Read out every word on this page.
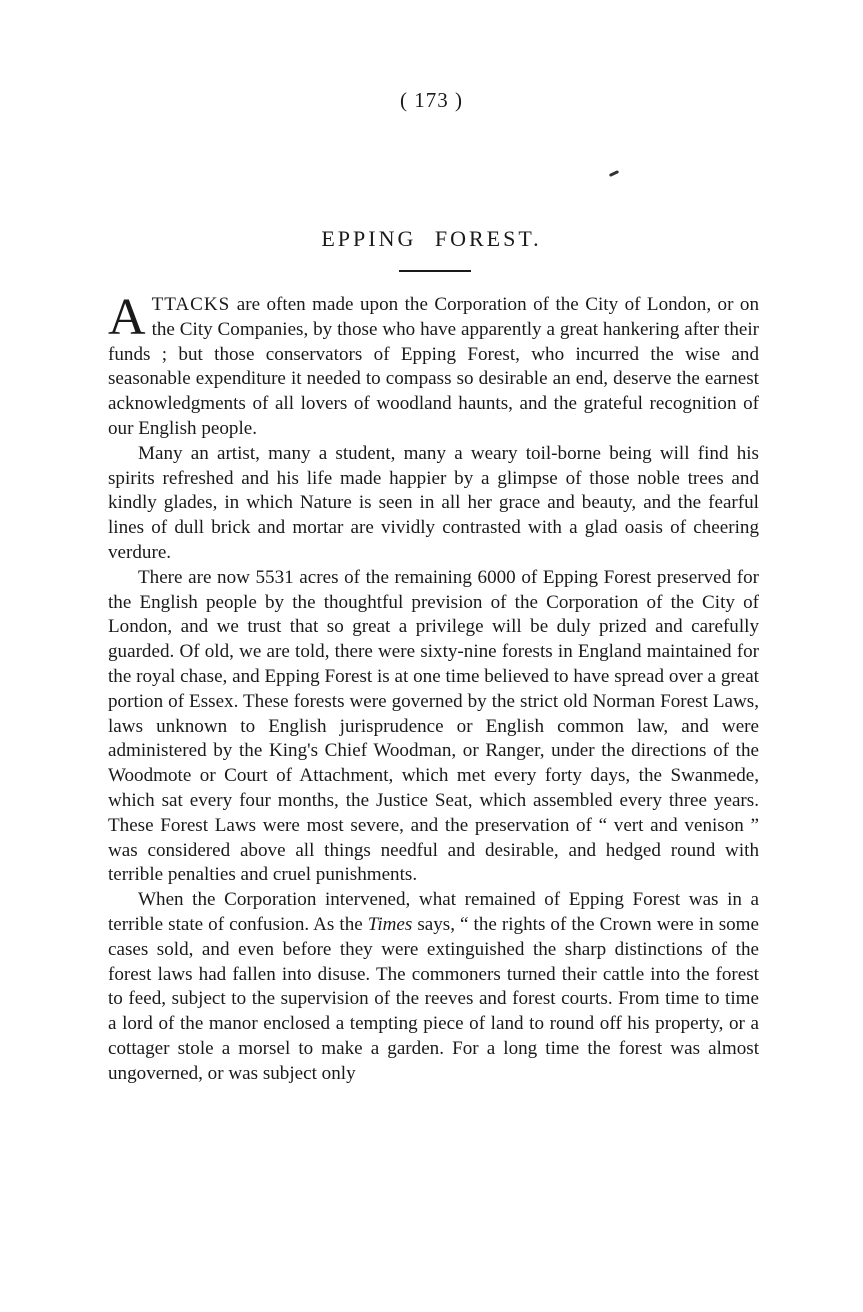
( 173 )
EPPING FOREST.

ATTACKS are often made upon the Corporation of the City of London, or on the City Companies, by those who have apparently a great hankering after their funds ; but those conservators of Epping Forest, who incurred the wise and seasonable expenditure it needed to compass so desirable an end, deserve the earnest acknowledgments of all lovers of woodland haunts, and the grateful recognition of our English people.

Many an artist, many a student, many a weary toil-borne being will find his spirits refreshed and his life made happier by a glimpse of those noble trees and kindly glades, in which Nature is seen in all her grace and beauty, and the fearful lines of dull brick and mortar are vividly contrasted with a glad oasis of cheering verdure.

There are now 5531 acres of the remaining 6000 of Epping Forest preserved for the English people by the thoughtful prevision of the Corporation of the City of London, and we trust that so great a privilege will be duly prized and carefully guarded. Of old, we are told, there were sixty-nine forests in England maintained for the royal chase, and Epping Forest is at one time believed to have spread over a great portion of Essex. These forests were governed by the strict old Norman Forest Laws, laws unknown to English jurisprudence or English common law, and were administered by the King's Chief Woodman, or Ranger, under the directions of the Woodmote or Court of Attachment, which met every forty days, the Swanmede, which sat every four months, the Justice Seat, which assembled every three years. These Forest Laws were most severe, and the preservation of “ vert and venison ” was considered above all things needful and desirable, and hedged round with terrible penalties and cruel punishments.

When the Corporation intervened, what remained of Epping Forest was in a terrible state of confusion. As the Times says, “ the rights of the Crown were in some cases sold, and even before they were extinguished the sharp distinctions of the forest laws had fallen into disuse. The commoners turned their cattle into the forest to feed, subject to the supervision of the reeves and forest courts. From time to time a lord of the manor enclosed a tempting piece of land to round off his property, or a cottager stole a morsel to make a garden. For a long time the forest was almost ungoverned, or was subject only
